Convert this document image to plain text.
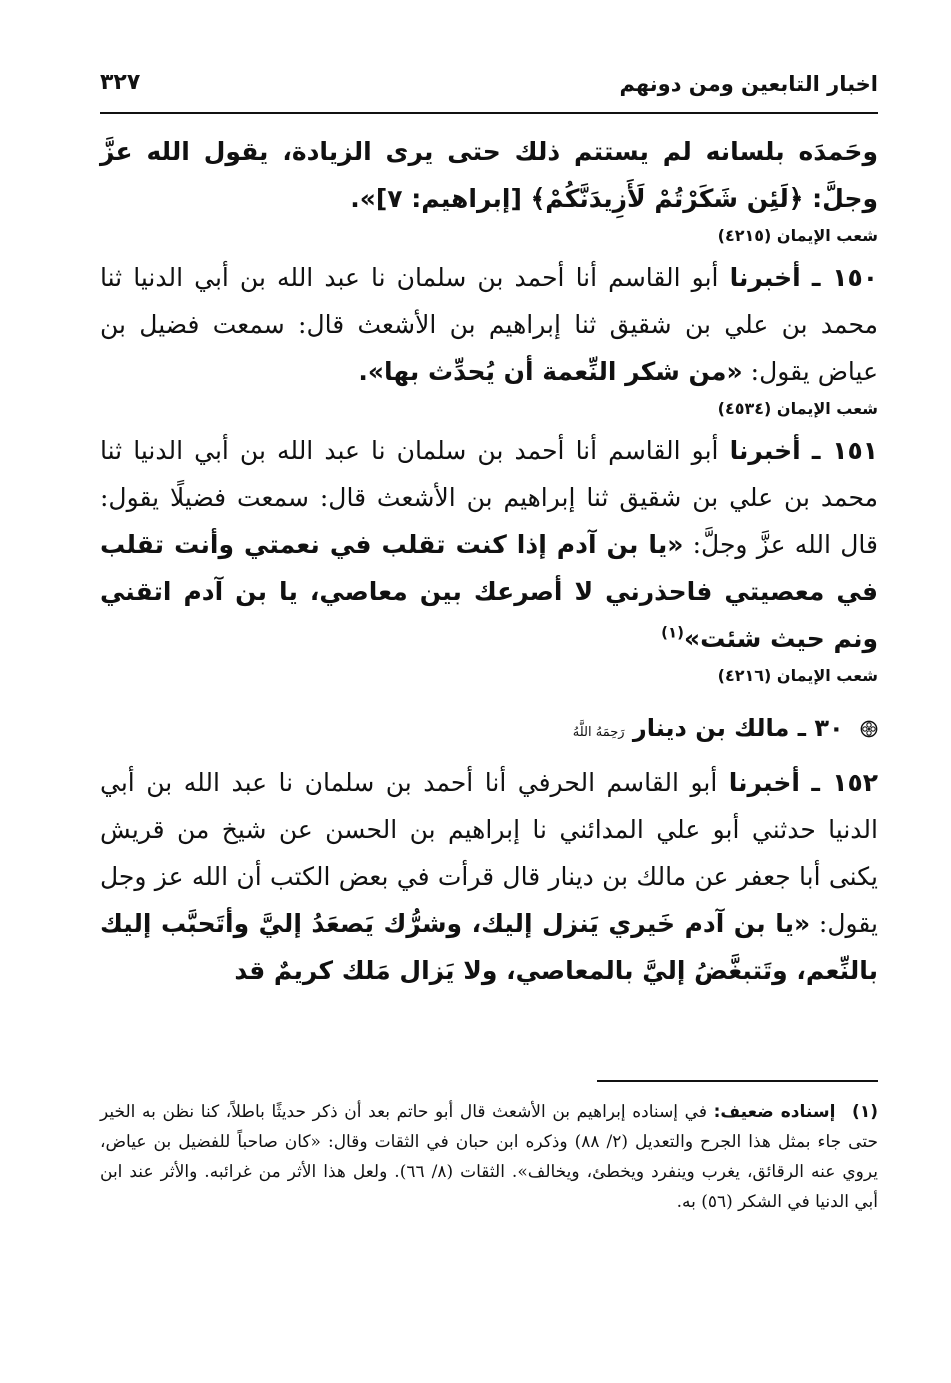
اخبار التابعين ومن دونهم
٣٢٧

وحَمدَه بلسانه لم يستتم ذلك حتى يرى الزيادة، يقول الله عزَّ وجلَّ: ﴿لَئِن شَكَرْتُمْ لَأَزِيدَنَّكُمْ﴾ [إبراهيم: ٧]».

شعب الإيمان (٤٢١٥)

١٥٠ ـ أخبرنا أبو القاسم أنا أحمد بن سلمان نا عبد الله بن أبي الدنيا ثنا محمد بن علي بن شقيق ثنا إبراهيم بن الأشعث قال: سمعت فضيل بن عياض يقول: «من شكر النِّعمة أن يُحدِّث بها».

شعب الإيمان (٤٥٣٤)

١٥١ ـ أخبرنا أبو القاسم أنا أحمد بن سلمان نا عبد الله بن أبي الدنيا ثنا محمد بن علي بن شقيق ثنا إبراهيم بن الأشعث قال: سمعت فضيلًا يقول: قال الله عزَّ وجلَّ: «يا بن آدم إذا كنت تقلب في نعمتي وأنت تقلب في معصيتي فاحذرني لا أصرعك بين معاصي، يا بن آدم اتقني ونم حيث شئت»$^{(١)}$

شعب الإيمان (٤٢١٦)

٣٠ ـ مالك بن دينار رَحِمَهُ اللَّهُ

١٥٢ ـ أخبرنا أبو القاسم الحرفي أنا أحمد بن سلمان نا عبد الله بن أبي الدنيا حدثني أبو علي المدائني نا إبراهيم بن الحسن عن شيخ من قريش يكنى أبا جعفر عن مالك بن دينار قال قرأت في بعض الكتب أن الله عز وجل يقول: «يا بن آدم خَيري يَنزل إليك، وشرُّك يَصعَدُ إليَّ وأتَحبَّب إليك بالنِّعم، وتَتبغَّضُ إليَّ بالمعاصي، ولا يَزال مَلك كريمٌ قد

(١) إسناده ضعيف: في إسناده إبراهيم بن الأشعث قال أبو حاتم بعد أن ذكر حديثًا باطلاً، كنا نظن به الخير حتى جاء بمثل هذا الجرح والتعديل (٢/ ٨٨) وذكره ابن حبان في الثقات وقال: «كان صاحباً للفضيل بن عياض، يروي عنه الرقائق، يغرب وينفرد ويخطئ، ويخالف». الثقات (٨/ ٦٦). ولعل هذا الأثر من غرائبه. والأثر عند ابن أبي الدنيا في الشكر (٥٦) به.
